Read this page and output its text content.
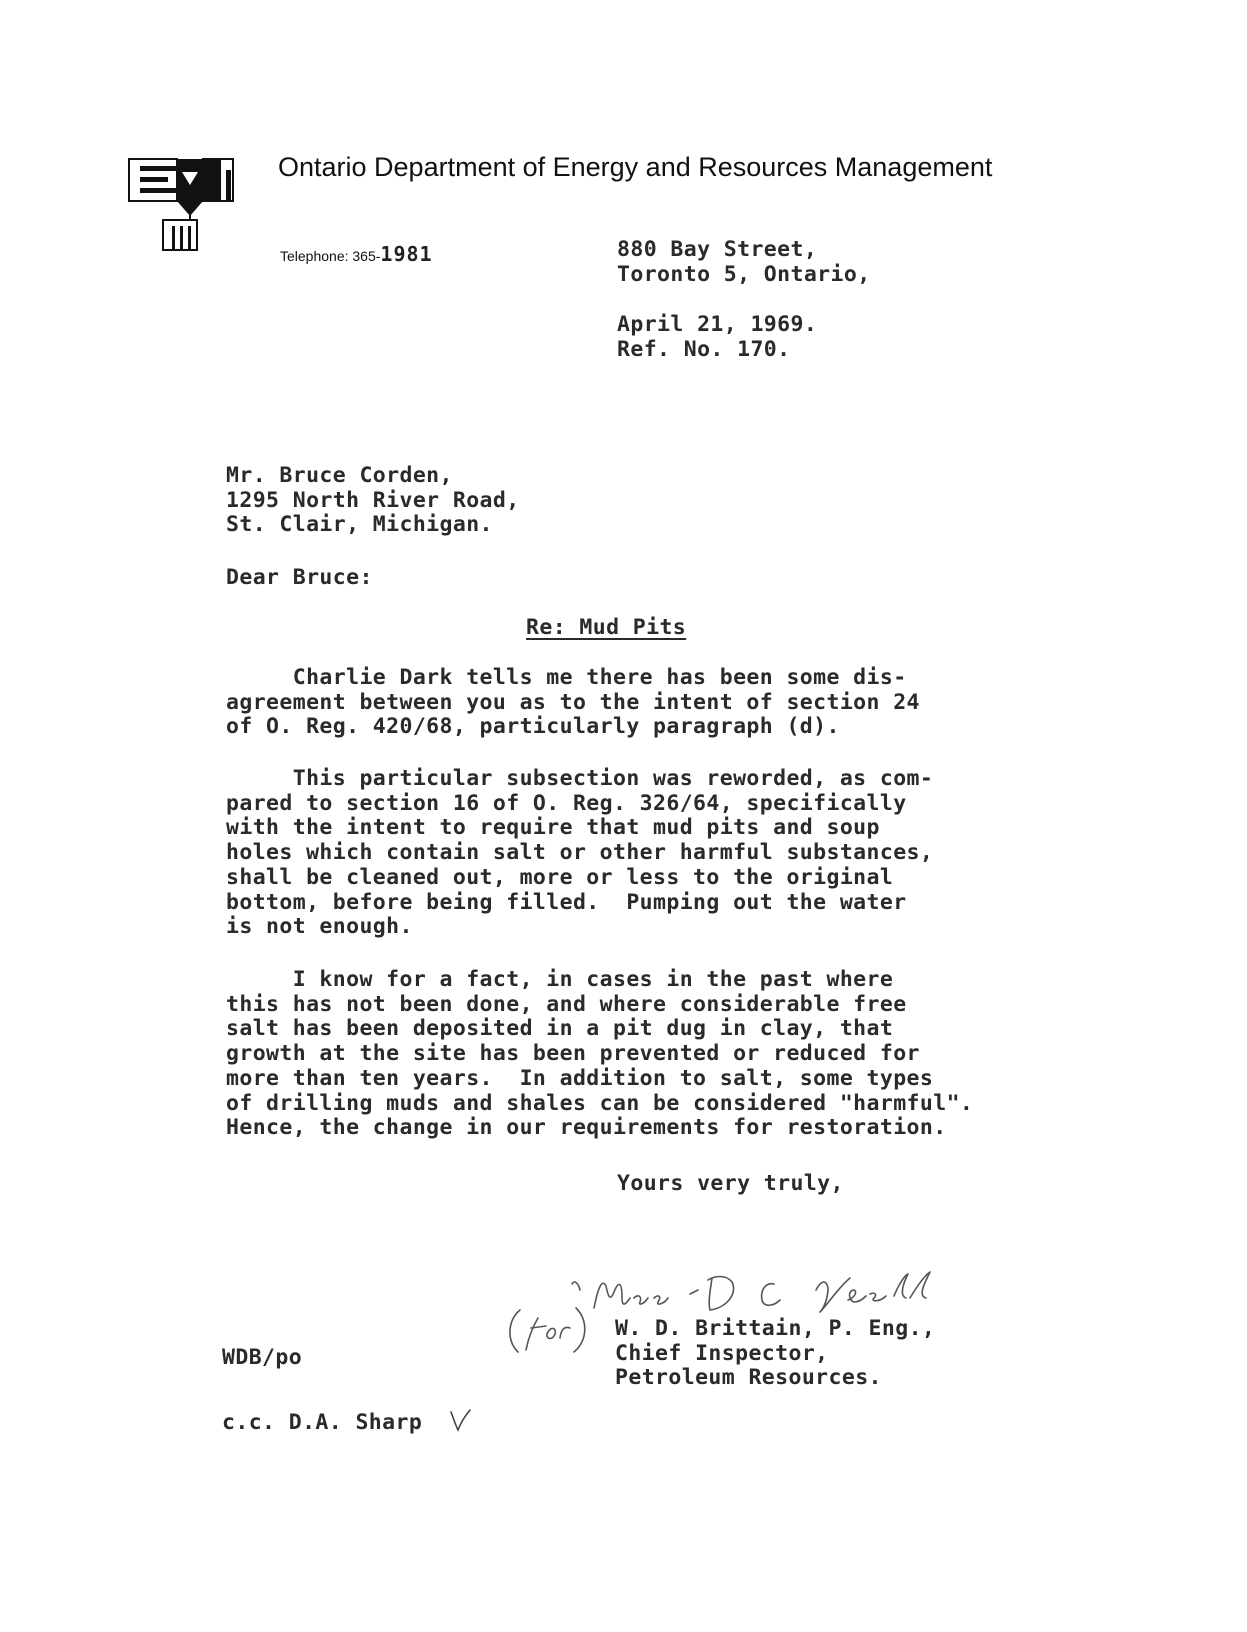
Ontario Department of Energy and Resources Management
Telephone: 365-1981	880 Bay Street,
Toronto 5, Ontario,
April 21, 1969.
Ref. No. 170.
Mr. Bruce Corden,
1295 North River Road,
St. Clair, Michigan.
Dear Bruce:
Re: Mud Pits
Charlie Dark tells me there has been some dis-
agreement between you as to the intent of section 24
of O. Reg. 420/68, particularly paragraph (d).
This particular subsection was reworded, as com-
pared to section 16 of O. Reg. 326/64, specifically
with the intent to require that mud pits and soup
holes which contain salt or other harmful substances,
shall be cleaned out, more or less to the original
bottom, before being filled.  Pumping out the water
is not enough.
I know for a fact, in cases in the past where
this has not been done, and where considerable free
salt has been deposited in a pit dug in clay, that
growth at the site has been prevented or reduced for
more than ten years.  In addition to salt, some types
of drilling muds and shales can be considered "harmful".
Hence, the change in our requirements for restoration.
Yours very truly,
W. D. Brittain, P. Eng.,
Chief Inspector,
Petroleum Resources.
WDB/po
c.c. D.A. Sharp
